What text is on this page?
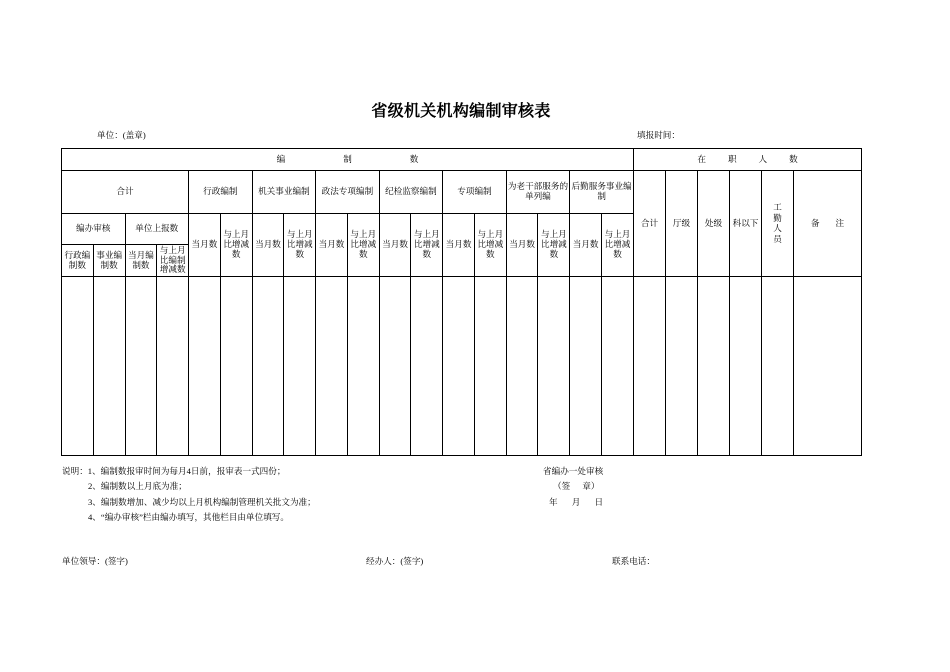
省级机关机构编制审核表
单位：(盖章)	填报时间：
编制数																		在职人数					
合计				行政编制		机关事业编制		政法专项编制		纪检监察编制		专项编制		为老干部服务的单列编		后勤服务事业编制		合计	厅级	处级	科以下	工勤人员	备注
编办审核		单位上报数		当月数	与上月比增减数	当月数	与上月比增减数	当月数	与上月比增减数	当月数	与上月比增减数	当月数	与上月比增减数	当月数	与上月比增减数	当月数	与上月比增减数						
行政编制数	事业编制数	当月编制数	与上月比编制增减数																				

说明：1、编制数报审时间为每月4日前，报审表一式四份；
2、编制数以上月底为准；
3、编制数增加、减少均以上月机构编制管理机关批文为准；
4、“编办审核”栏由编办填写，其他栏目由单位填写。
省编办一处审核
（签 章）
年 月 日
单位领导：(签字)	经办人：(签字)	联系电话：
